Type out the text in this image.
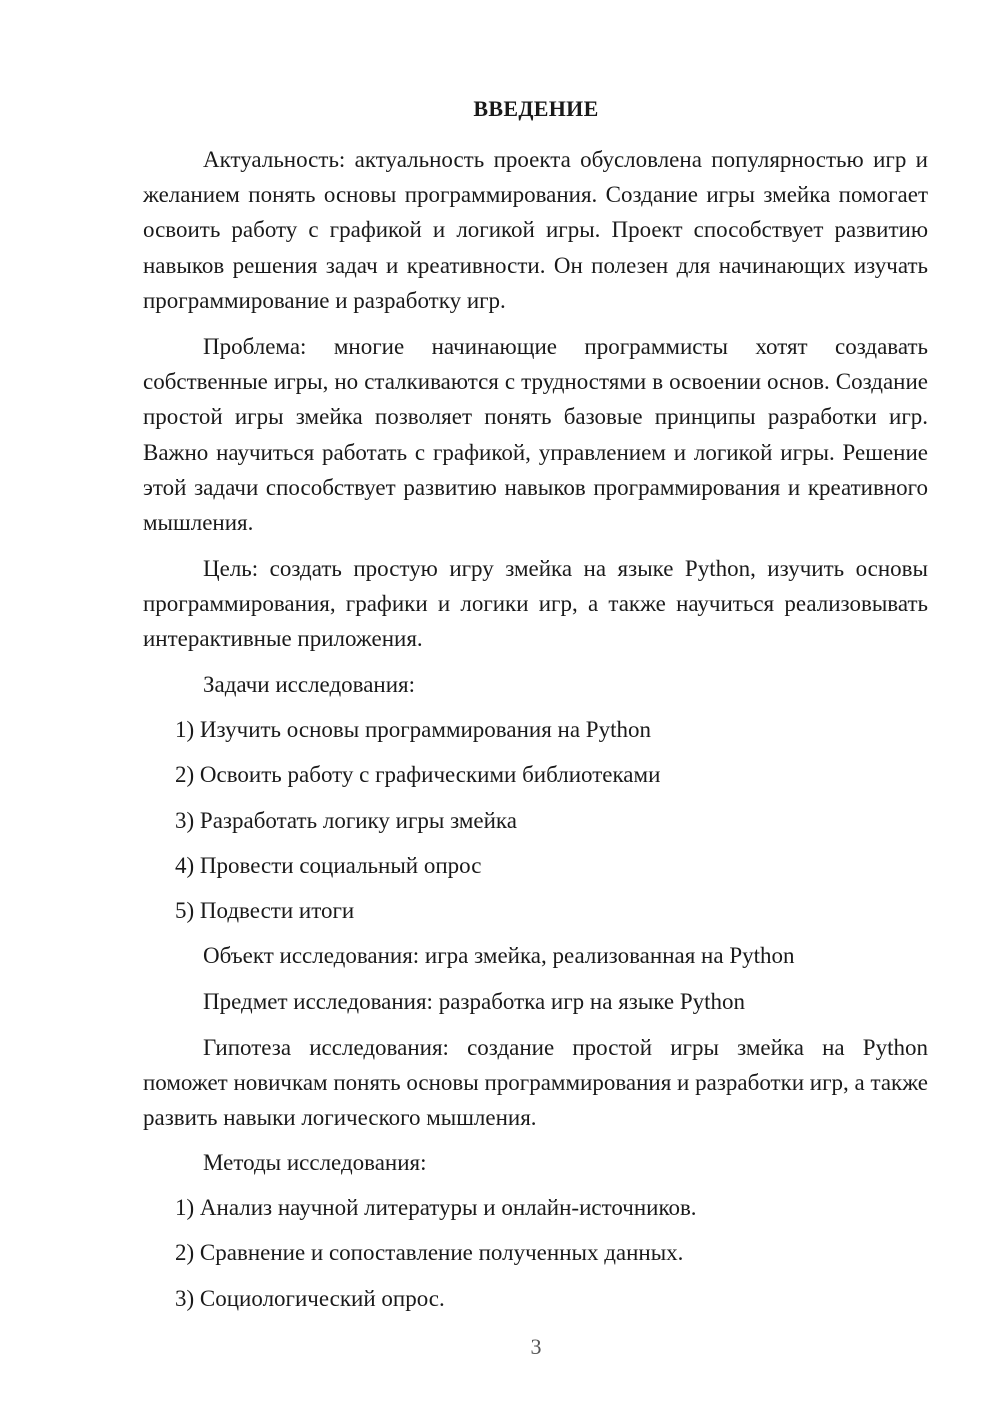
ВВЕДЕНИЕ

Актуальность: актуальность проекта обусловлена популярностью игр и желанием понять основы программирования. Создание игры змейка помогает освоить работу с графикой и логикой игры. Проект способствует развитию навыков решения задач и креативности. Он полезен для начинающих изучать программирование и разработку игр.

Проблема: многие начинающие программисты хотят создавать собственные игры, но сталкиваются с трудностями в освоении основ. Создание простой игры змейка позволяет понять базовые принципы разработки игр. Важно научиться работать с графикой, управлением и логикой игры. Решение этой задачи способствует развитию навыков программирования и креативного мышления.

Цель: создать простую игру змейка на языке Python, изучить основы программирования, графики и логики игр, а также научиться реализовывать интерактивные приложения.

Задачи исследования:

1) Изучить основы программирования на Python

2) Освоить работу с графическими библиотеками

3) Разработать логику игры змейка

4) Провести социальный опрос

5) Подвести итоги

Объект исследования: игра змейка, реализованная на Python

Предмет исследования: разработка игр на языке Python

Гипотеза исследования: создание простой игры змейка на Python поможет новичкам понять основы программирования и разработки игр, а также развить навыки логического мышления.

Методы исследования:

1) Анализ научной литературы и онлайн-источников.

2) Сравнение и сопоставление полученных данных.

3) Социологический опрос.

3
